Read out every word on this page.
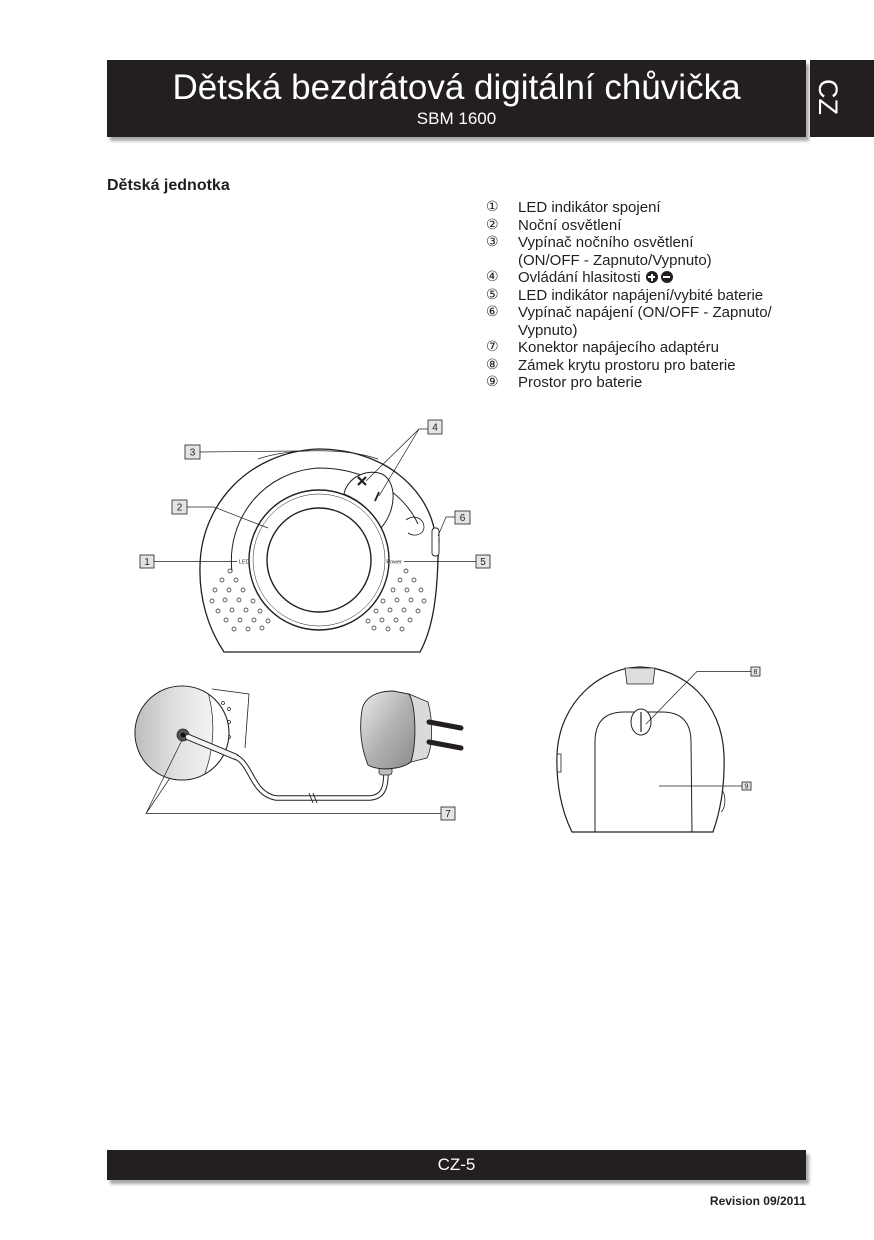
Dětská bezdrátová digitální chůvička
SBM 1600
CZ
Dětská jednotka
①	LED indikátor spojení
②	Noční osvětlení
③	Vypínač nočního osvětlení
(ON/OFF - Zapnuto/Vypnuto)
④	Ovládání hlasitosti
⑤	LED indikátor napájení/vybité baterie
⑥	Vypínač napájení (ON/OFF - Zapnuto/
Vypnuto)
⑦	Konektor napájecího adaptéru
⑧	Zámek krytu prostoru pro baterie
⑨	Prostor pro baterie
LED	Power
3
2
1
4
6
5
7
8
9
CZ-5
Revision 09/2011
